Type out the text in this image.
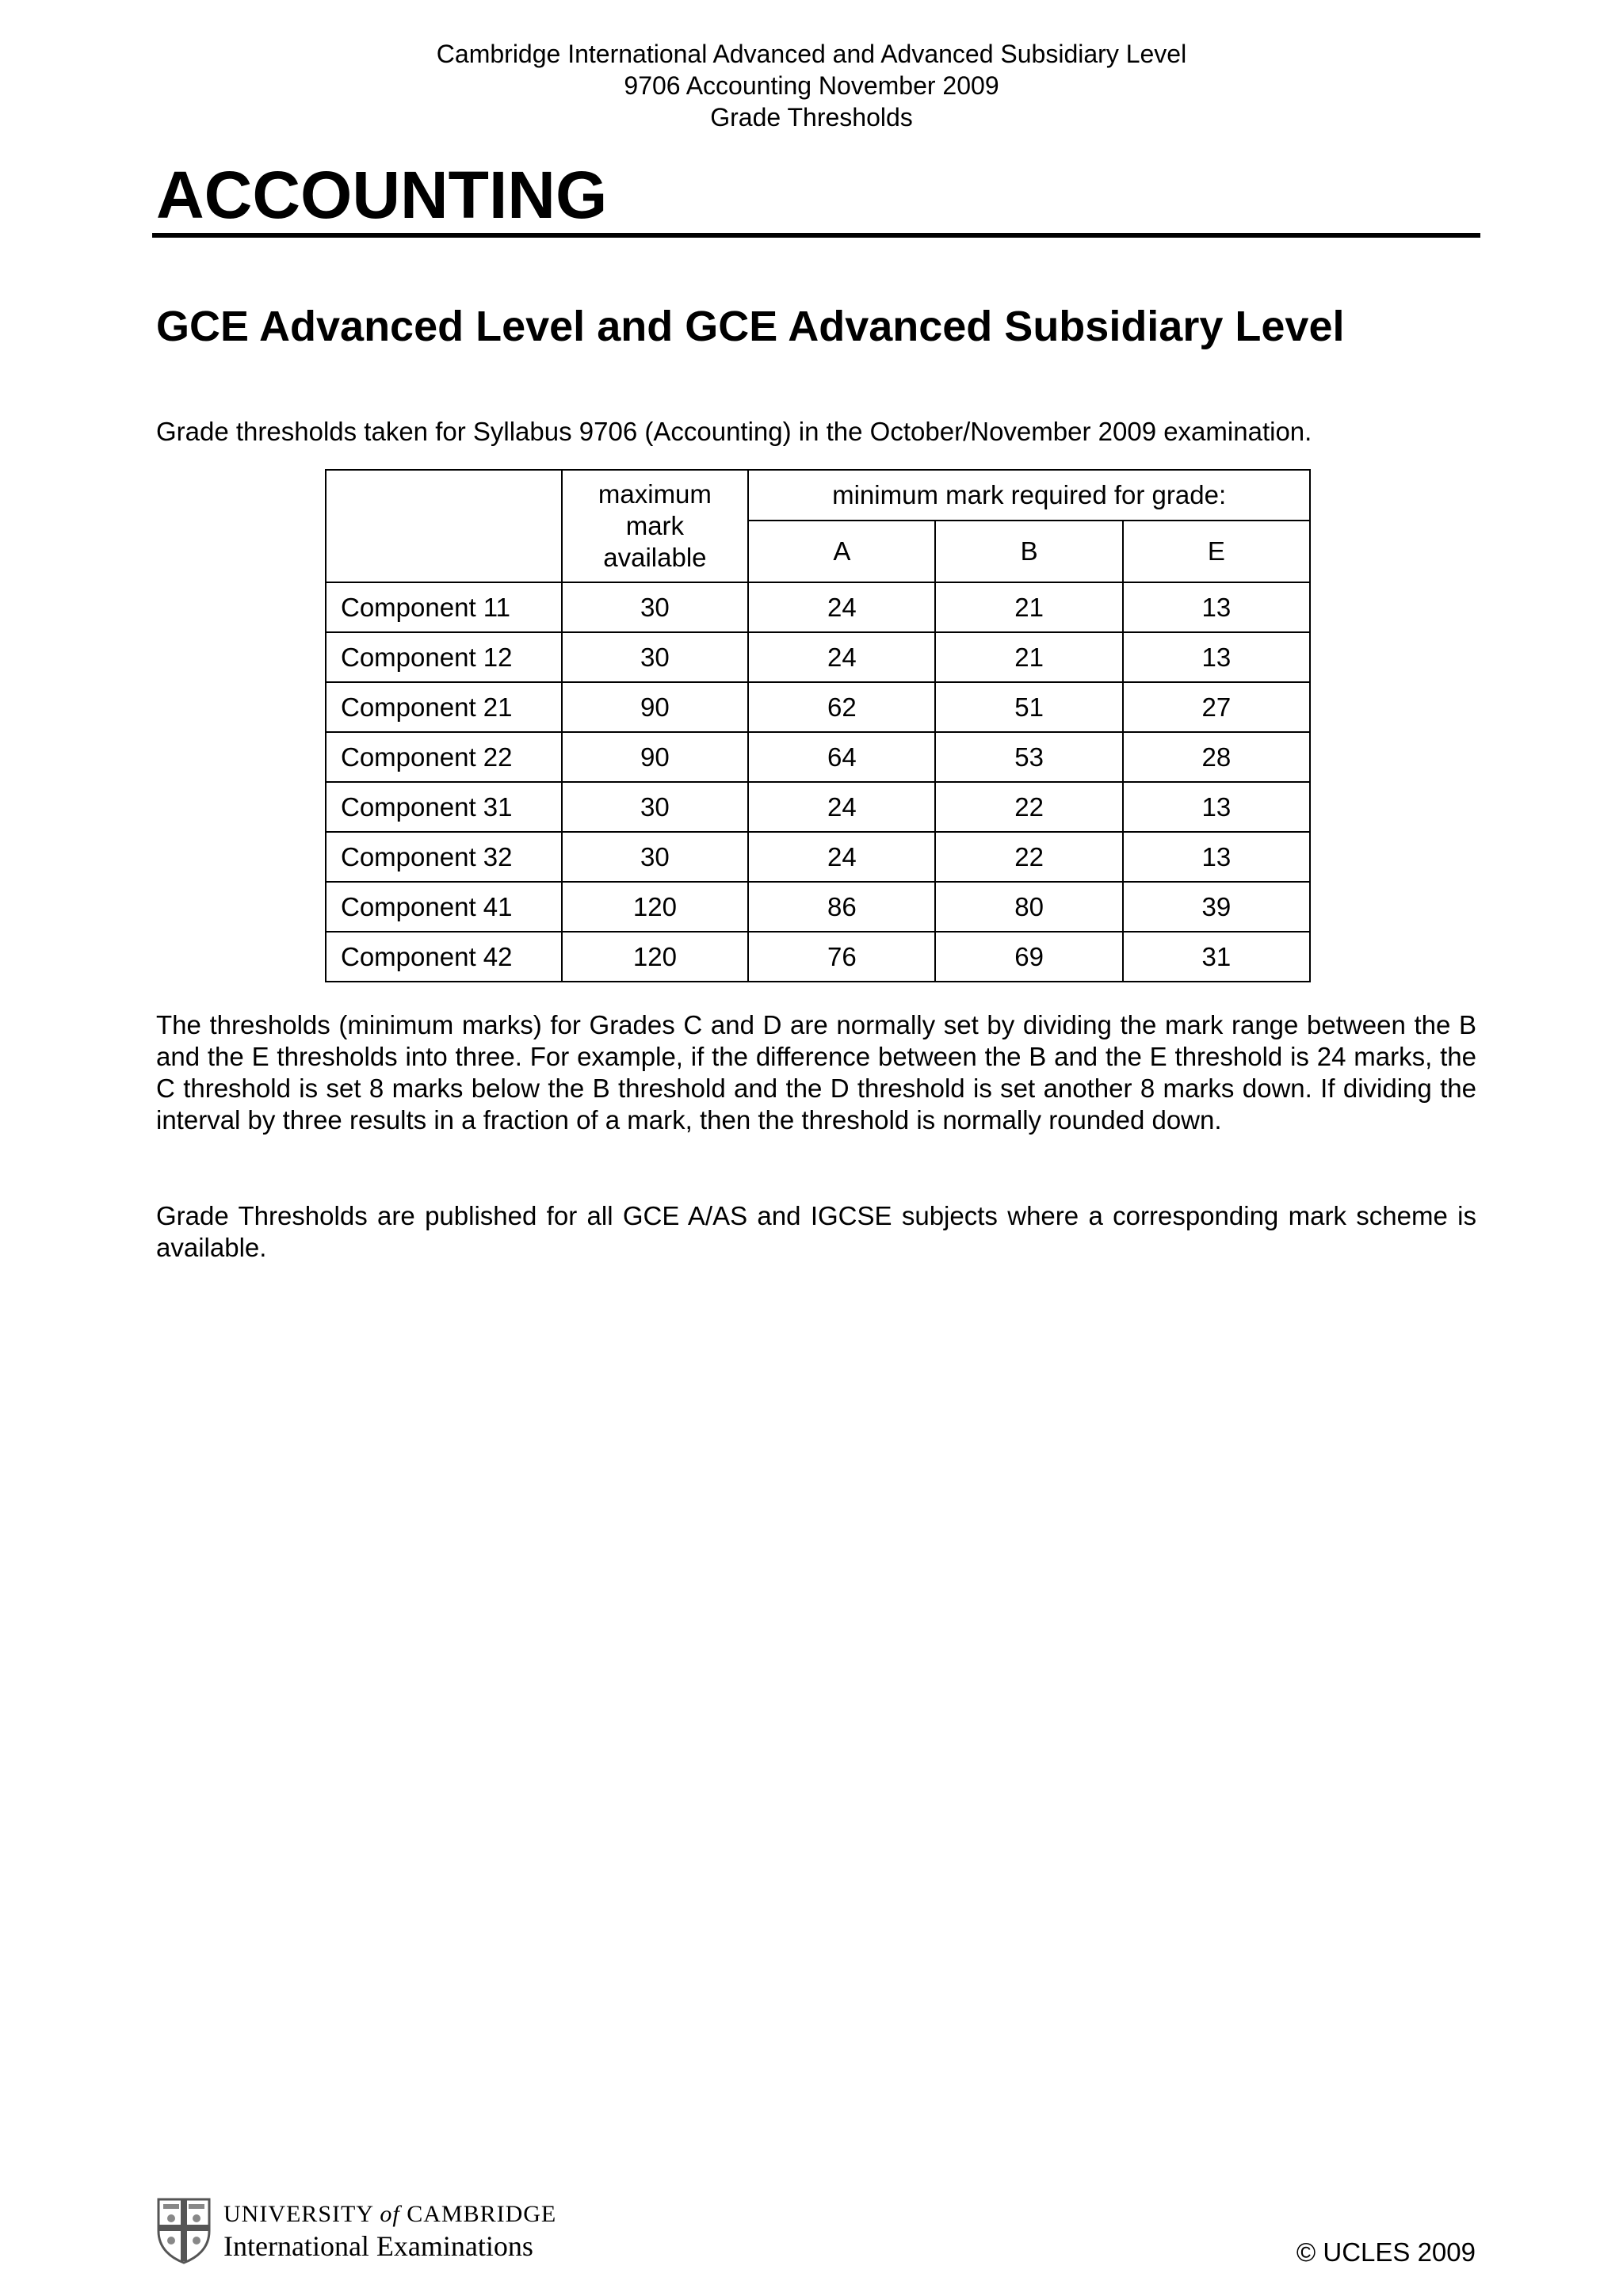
Cambridge International Advanced and Advanced Subsidiary Level
9706 Accounting November 2009
Grade Thresholds
ACCOUNTING
GCE Advanced Level and GCE Advanced Subsidiary Level
Grade thresholds taken for Syllabus 9706 (Accounting) in the October/November 2009 examination.

	maximum
mark
available	minimum mark required for grade:		
		A	B	E
Component 11	30	24	21	13
Component 12	30	24	21	13
Component 21	90	62	51	27
Component 22	90	64	53	28
Component 31	30	24	22	13
Component 32	30	24	22	13
Component 41	120	86	80	39
Component 42	120	76	69	31

The thresholds (minimum marks) for Grades C and D are normally set by dividing the mark range between the B and the E thresholds into three. For example, if the difference between the B and the E threshold is 24 marks, the C threshold is set 8 marks below the B threshold and the D threshold is set another 8 marks down. If dividing the interval by three results in a fraction of a mark, then the threshold is normally rounded down.

Grade Thresholds are published for all GCE A/AS and IGCSE subjects where a corresponding mark scheme is available.

UNIVERSITY of CAMBRIDGE
International Examinations	© UCLES 2009
